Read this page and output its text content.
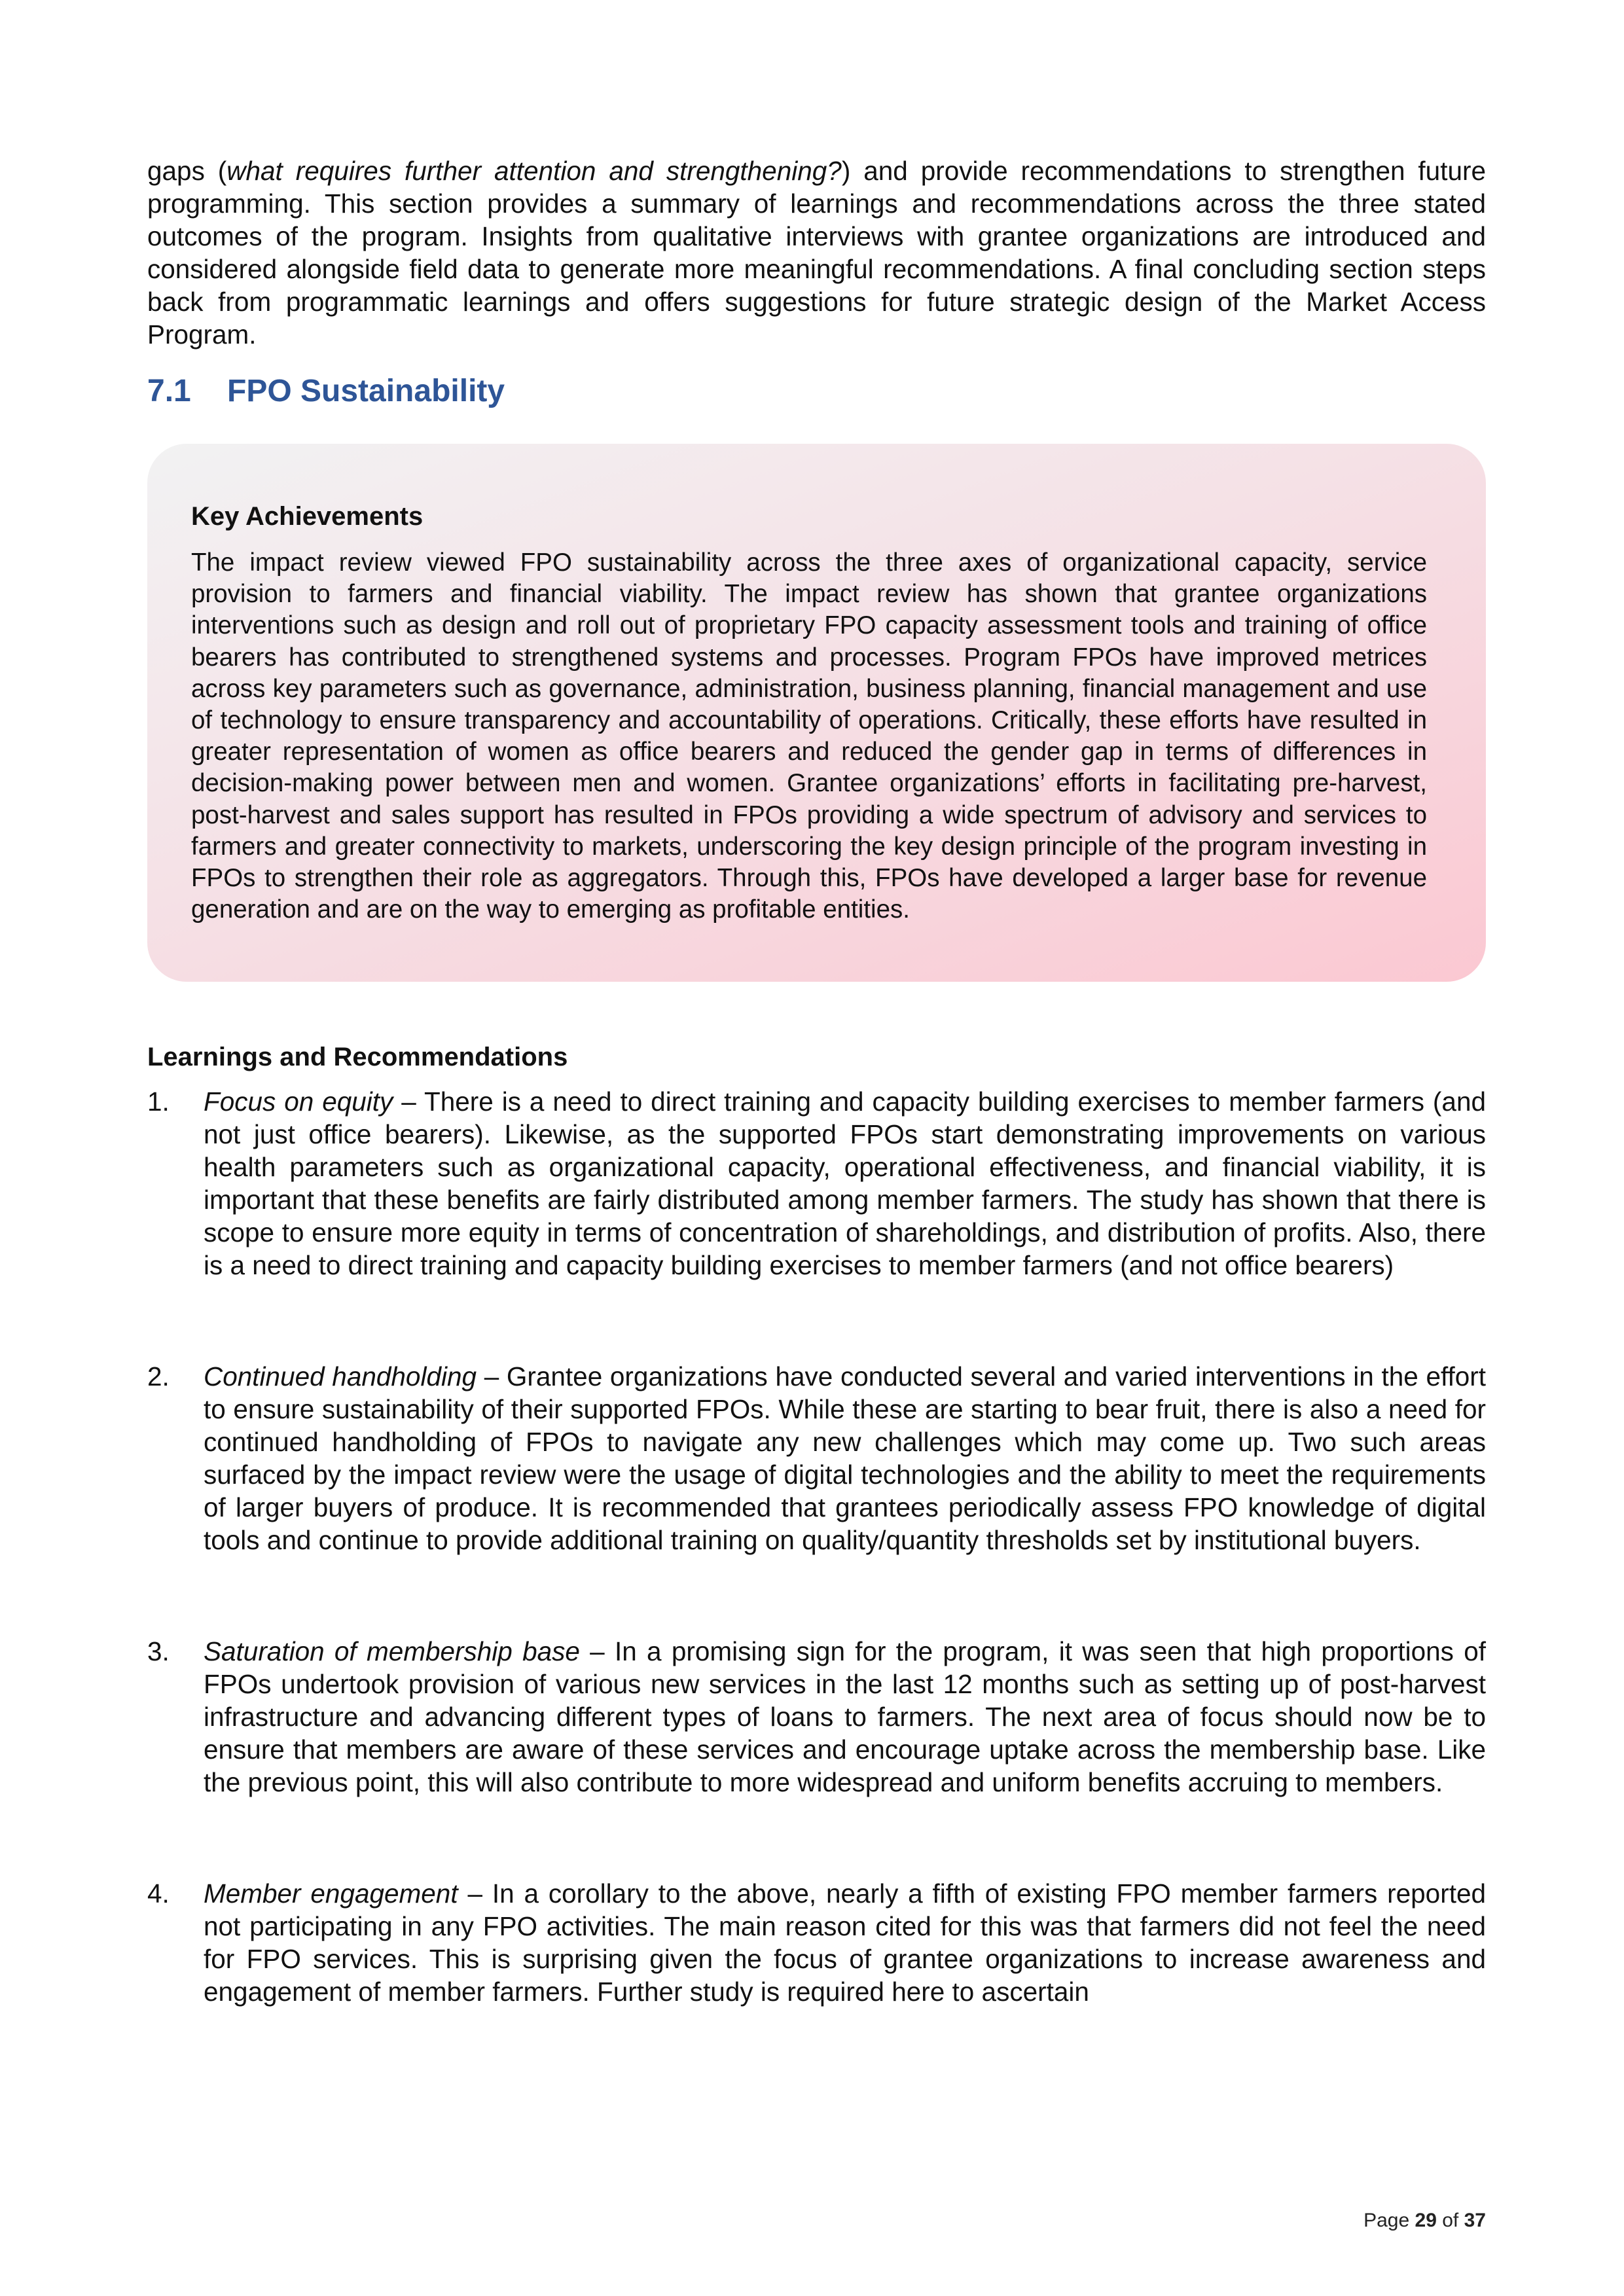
gaps (what requires further attention and strengthening?) and provide recommendations to strengthen future programming. This section provides a summary of learnings and recommendations across the three stated outcomes of the program. Insights from qualitative interviews with grantee organizations are introduced and considered alongside field data to generate more meaningful recommendations. A final concluding section steps back from programmatic learnings and offers suggestions for future strategic design of the Market Access Program.

7.1 FPO Sustainability

Key Achievements

The impact review viewed FPO sustainability across the three axes of organizational capacity, service provision to farmers and financial viability. The impact review has shown that grantee organizations interventions such as design and roll out of proprietary FPO capacity assessment tools and training of office bearers has contributed to strengthened systems and processes. Program FPOs have improved metrices across key parameters such as governance, administration, business planning, financial management and use of technology to ensure transparency and accountability of operations. Critically, these efforts have resulted in greater representation of women as office bearers and reduced the gender gap in terms of differences in decision-making power between men and women. Grantee organizations’ efforts in facilitating pre-harvest, post-harvest and sales support has resulted in FPOs providing a wide spectrum of advisory and services to farmers and greater connectivity to markets, underscoring the key design principle of the program investing in FPOs to strengthen their role as aggregators. Through this, FPOs have developed a larger base for revenue generation and are on the way to emerging as profitable entities.

Learnings and Recommendations
1. Focus on equity – There is a need to direct training and capacity building exercises to member farmers (and not just office bearers). Likewise, as the supported FPOs start demonstrating improvements on various health parameters such as organizational capacity, operational effectiveness, and financial viability, it is important that these benefits are fairly distributed among member farmers. The study has shown that there is scope to ensure more equity in terms of concentration of shareholdings, and distribution of profits. Also, there is a need to direct training and capacity building exercises to member farmers (and not office bearers)
2. Continued handholding – Grantee organizations have conducted several and varied interventions in the effort to ensure sustainability of their supported FPOs. While these are starting to bear fruit, there is also a need for continued handholding of FPOs to navigate any new challenges which may come up. Two such areas surfaced by the impact review were the usage of digital technologies and the ability to meet the requirements of larger buyers of produce. It is recommended that grantees periodically assess FPO knowledge of digital tools and continue to provide additional training on quality/quantity thresholds set by institutional buyers.
3. Saturation of membership base – In a promising sign for the program, it was seen that high proportions of FPOs undertook provision of various new services in the last 12 months such as setting up of post-harvest infrastructure and advancing different types of loans to farmers. The next area of focus should now be to ensure that members are aware of these services and encourage uptake across the membership base. Like the previous point, this will also contribute to more widespread and uniform benefits accruing to members.
4. Member engagement – In a corollary to the above, nearly a fifth of existing FPO member farmers reported not participating in any FPO activities. The main reason cited for this was that farmers did not feel the need for FPO services. This is surprising given the focus of grantee organizations to increase awareness and engagement of member farmers. Further study is required here to ascertain
Page 29 of 37
